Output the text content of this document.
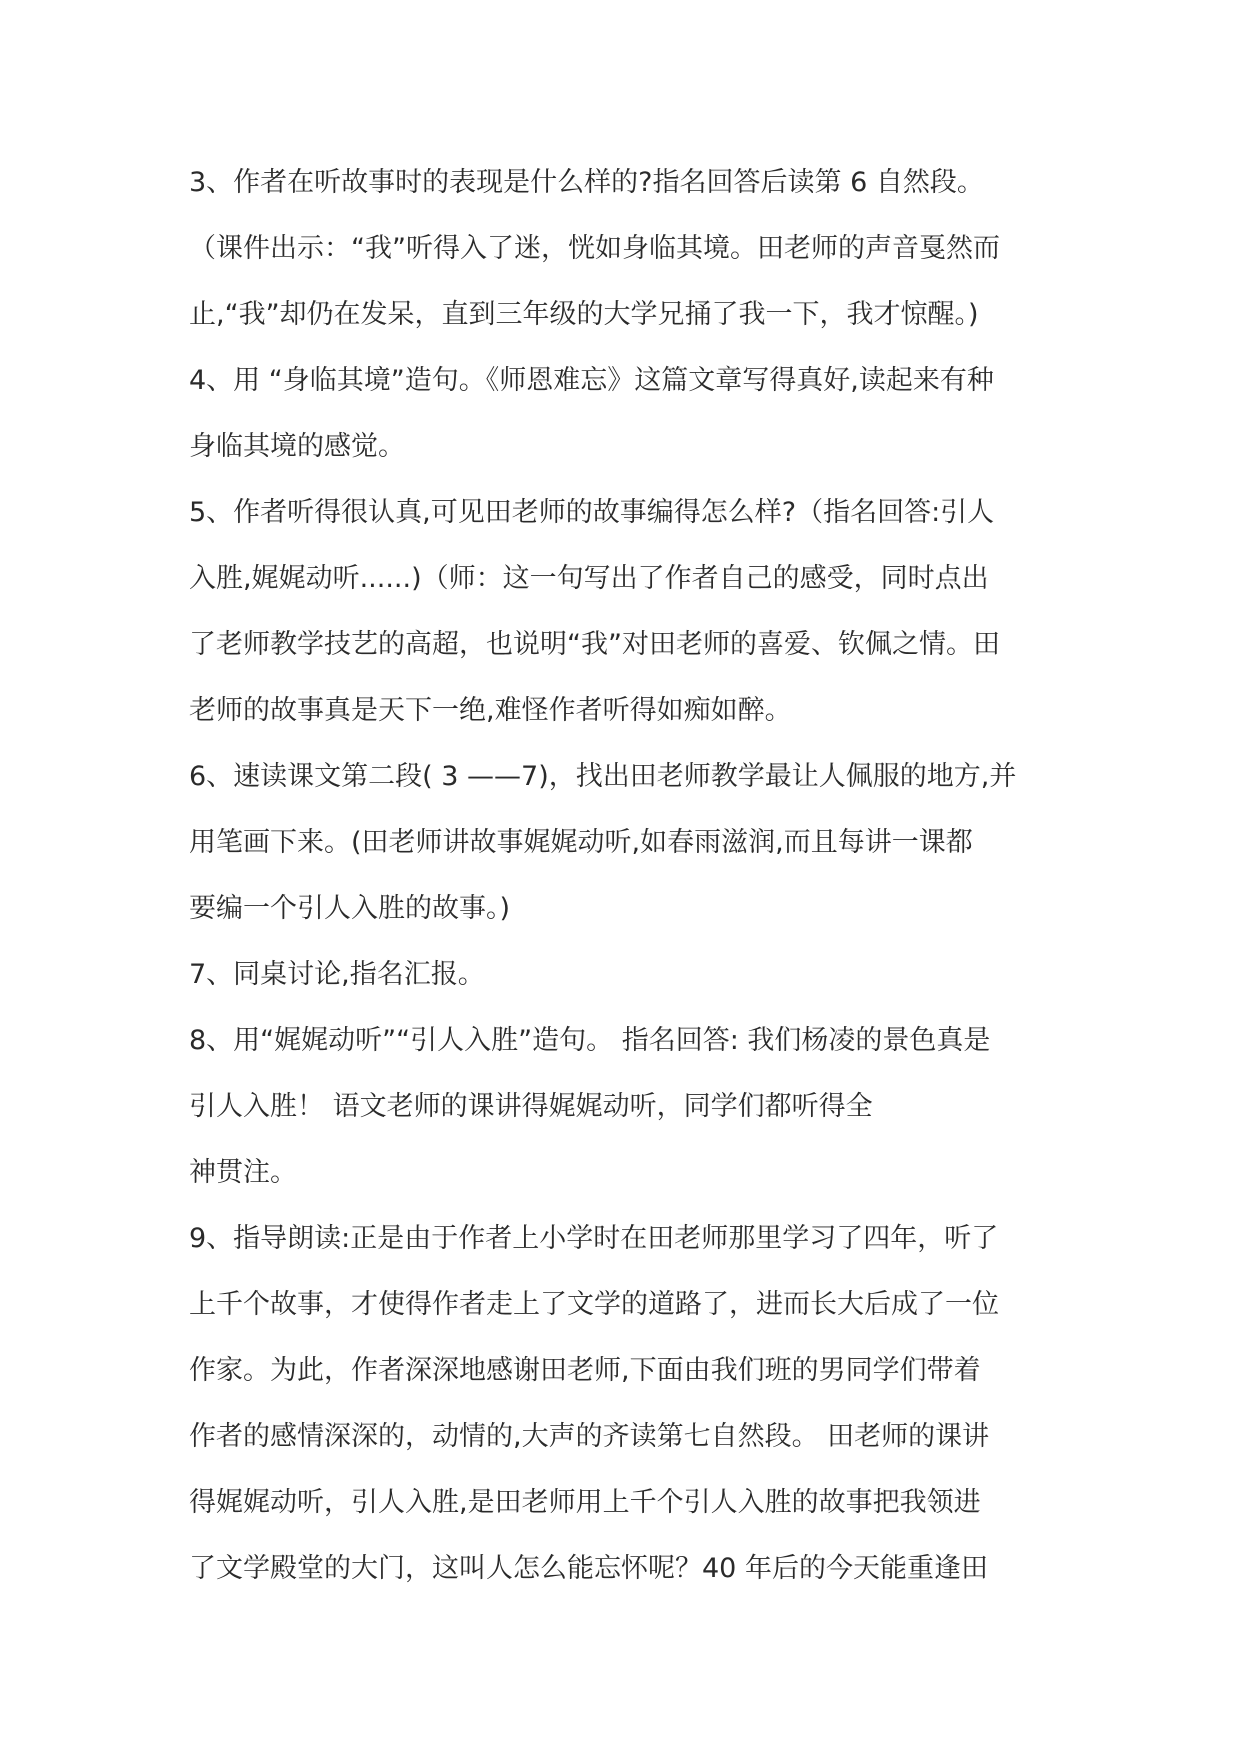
3、作者在听故事时的表现是什么样的?指名回答后读第 6 自然段。
（课件出示：“我”听得入了迷，恍如身临其境。田老师的声音戛然而
止,“我”却仍在发呆，直到三年级的大学兄捅了我一下，我才惊醒。)
4、用 “身临其境”造句。《师恩难忘》这篇文章写得真好,读起来有种
身临其境的感觉。
5、作者听得很认真,可见田老师的故事编得怎么样?（指名回答:引人
入胜,娓娓动听......)（师：这一句写出了作者自己的感受，同时点出
了老师教学技艺的高超，也说明“我”对田老师的喜爱、钦佩之情。田
老师的故事真是天下一绝,难怪作者听得如痴如醉。
6、速读课文第二段( 3 ——7)，找出田老师教学最让人佩服的地方,并
用笔画下来。(田老师讲故事娓娓动听,如春雨滋润,而且每讲一课都
要编一个引人入胜的故事。)
7、同桌讨论,指名汇报。
8、用“娓娓动听”“引人入胜”造句。 指名回答: 我们杨凌的景色真是
引人入胜！ 语文老师的课讲得娓娓动听，同学们都听得全
神贯注。
9、指导朗读:正是由于作者上小学时在田老师那里学习了四年，听了
上千个故事，才使得作者走上了文学的道路了，进而长大后成了一位
作家。为此，作者深深地感谢田老师,下面由我们班的男同学们带着
作者的感情深深的，动情的,大声的齐读第七自然段。 田老师的课讲
得娓娓动听，引人入胜,是田老师用上千个引人入胜的故事把我领进
了文学殿堂的大门，这叫人怎么能忘怀呢？40 年后的今天能重逢田
